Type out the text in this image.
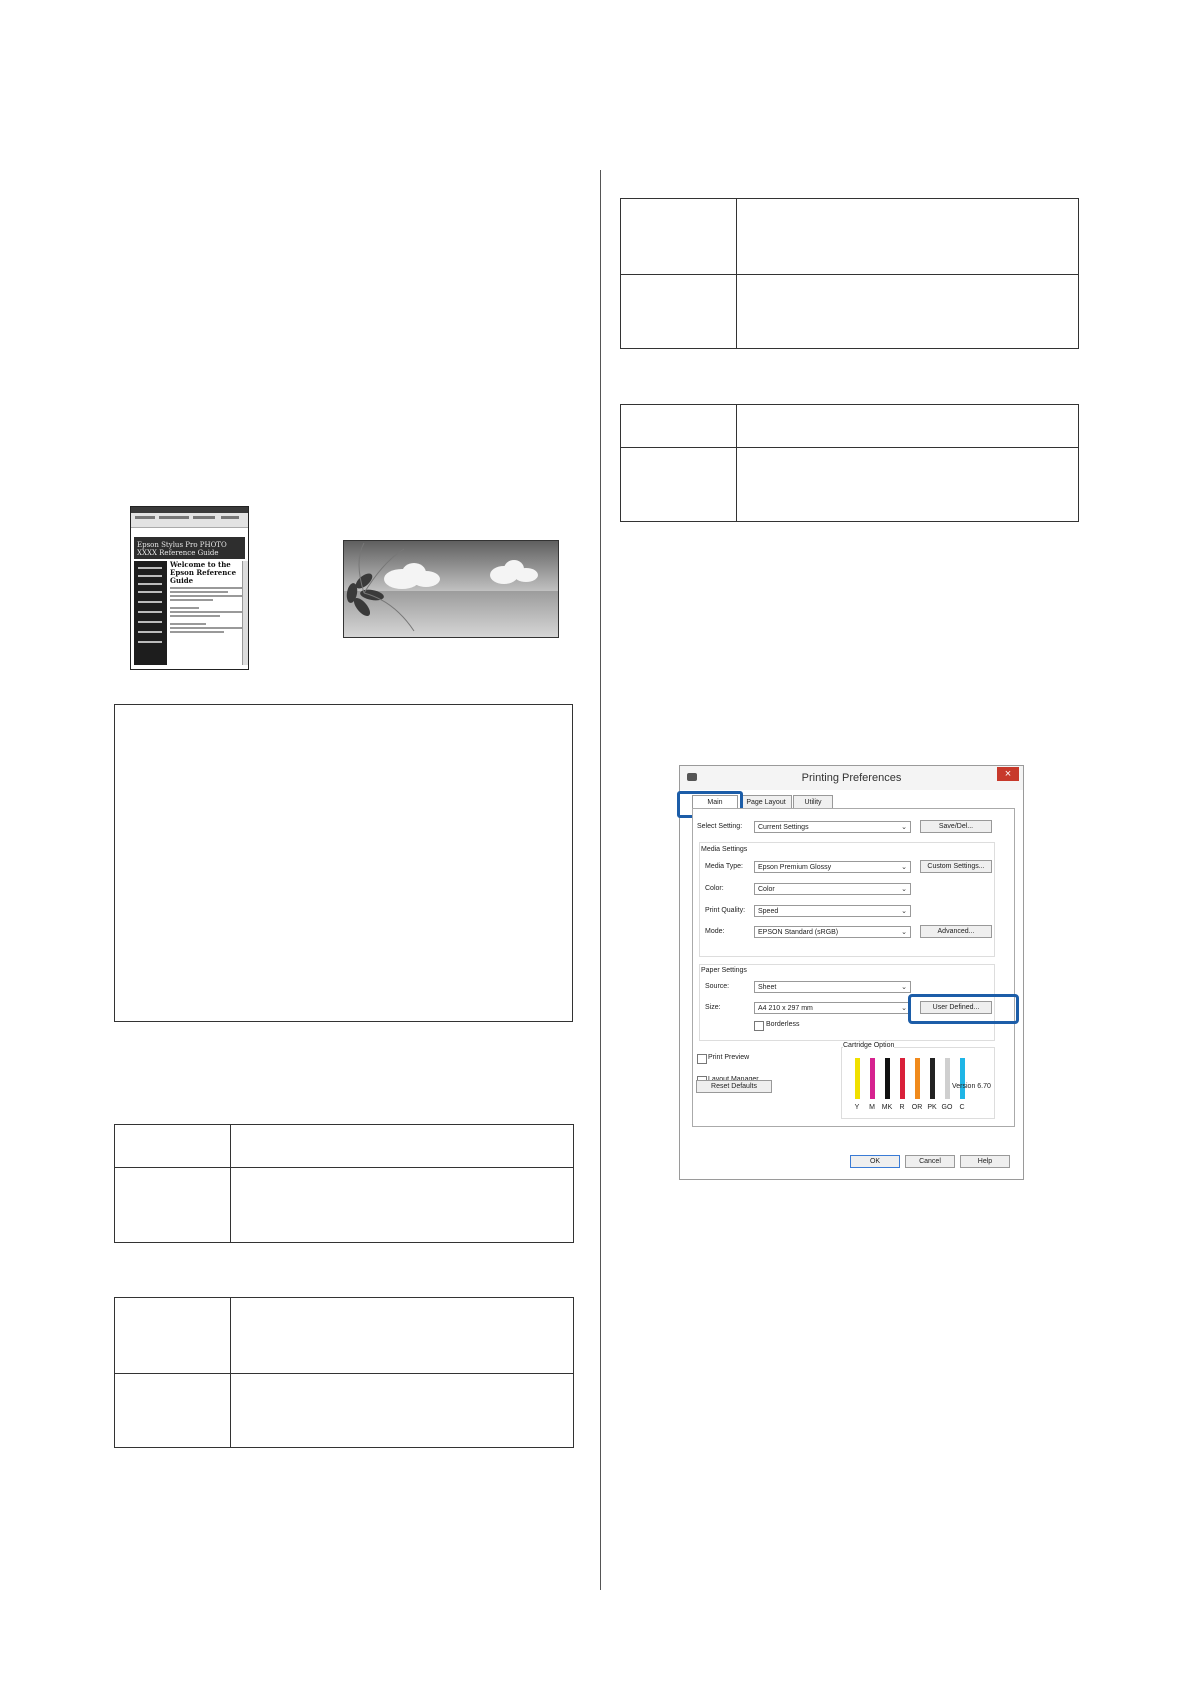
Epson Stylus Pro PHOTO XXXX Reference Guide
Welcome to the Epson Reference Guide
Printing Preferences	×
Main	Page Layout	Utility
Select Setting:	Current Settings	⌄	Save/Del...
Media Settings
Media Type:	Epson Premium Glossy	⌄	Custom Settings...
Color:	Color	⌄
Print Quality:	Speed	⌄
Mode:	EPSON Standard (sRGB)	⌄	Advanced...
Paper Settings
Source:	Sheet	⌄
Size:	A4 210 x 297 mm	⌄	User Defined...
Borderless
Print Preview
Cartridge Option
Y	M MK	R	OR PK GO	C
Reset Defaults	Version 6.70
OK	Cancel	Help
